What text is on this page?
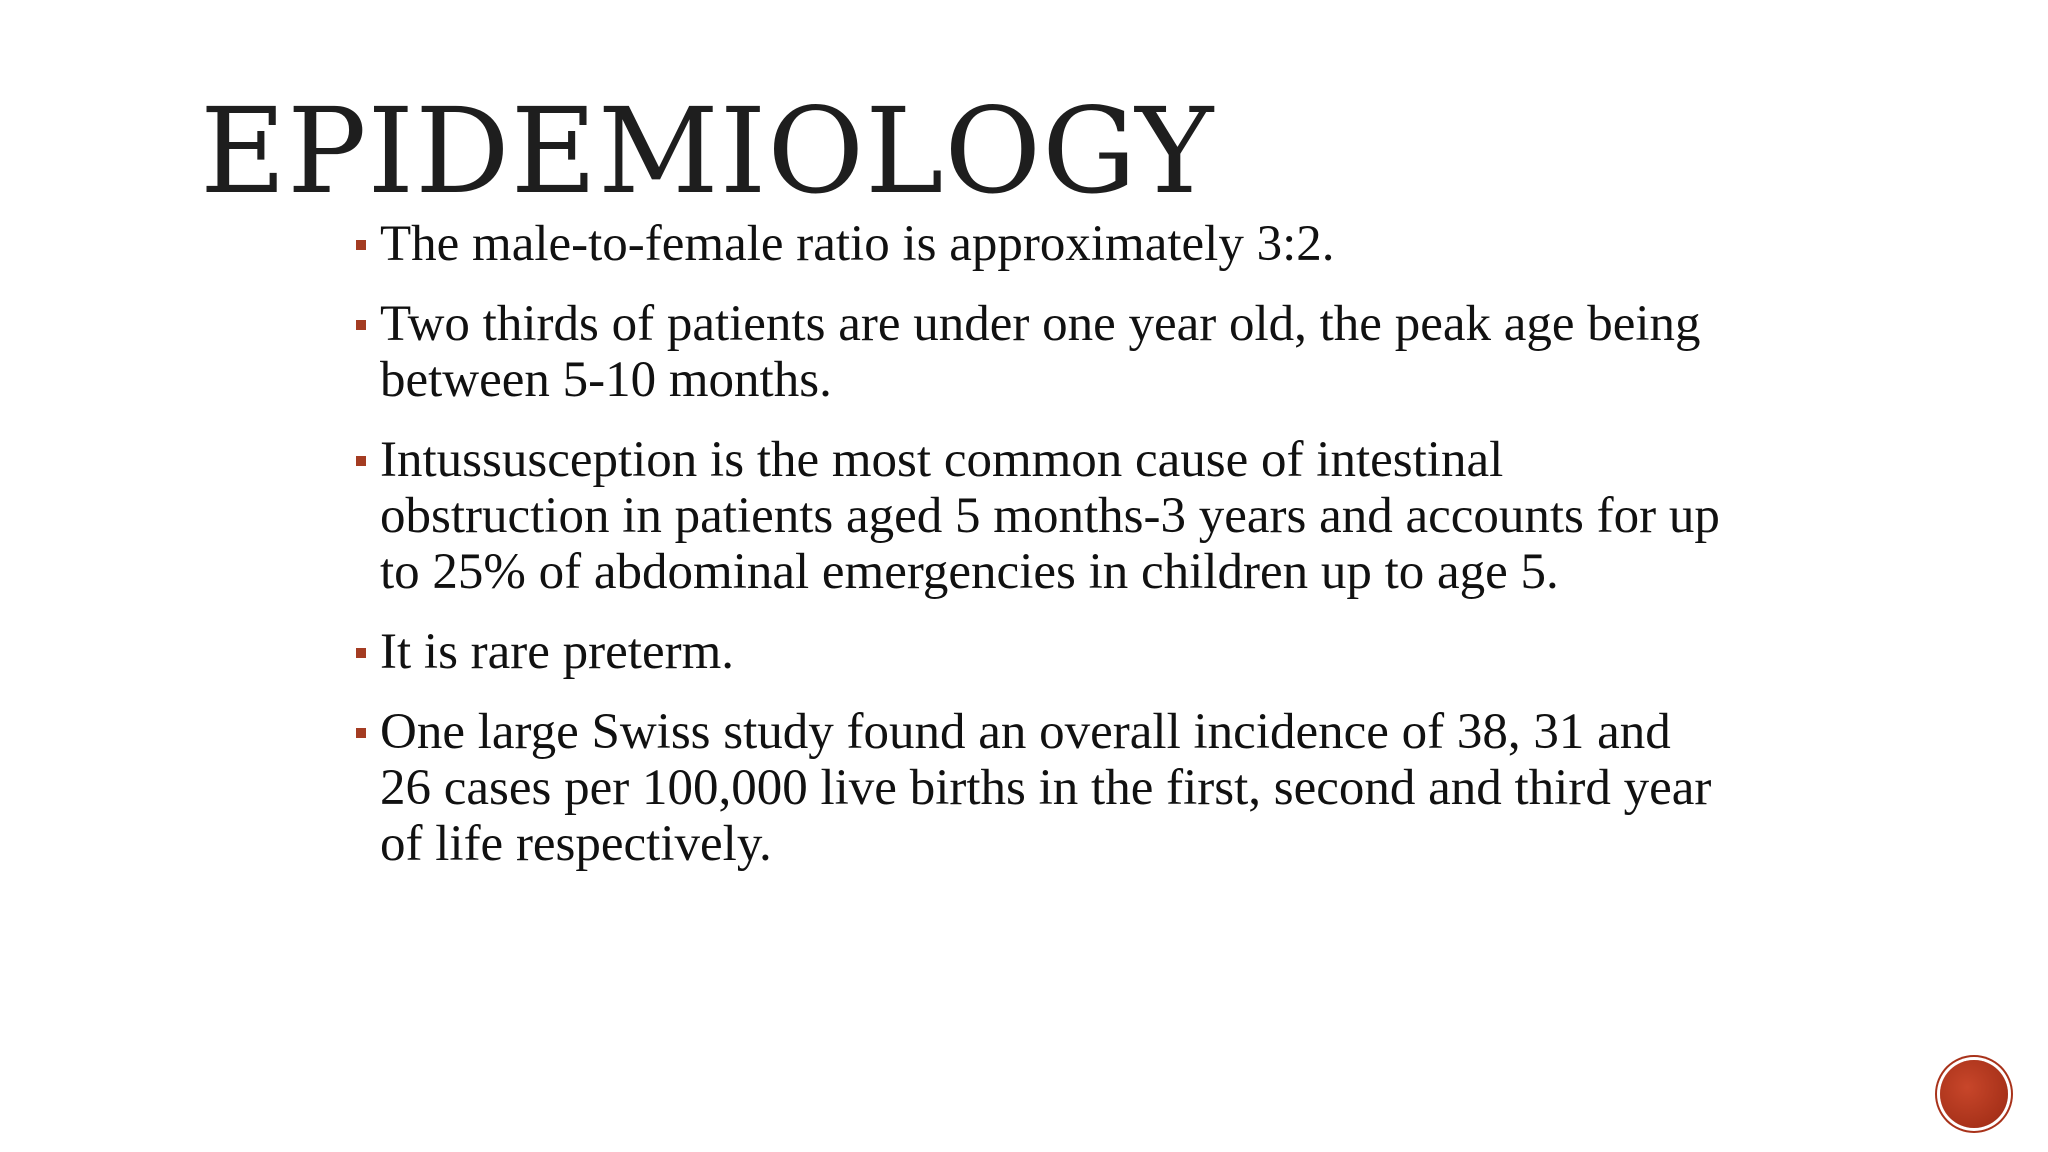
EPIDEMIOLOGY
The male-to-female ratio is approximately 3:2.
Two thirds of patients are under one year old, the peak age being between 5-10 months.
Intussusception is the most common cause of intestinal obstruction in patients aged 5 months-3 years and accounts for up to 25% of abdominal emergencies in children up to age 5.
It is rare preterm.
One large Swiss study found an overall incidence of 38, 31 and 26 cases per 100,000 live births in the first, second and third year of life respectively.
